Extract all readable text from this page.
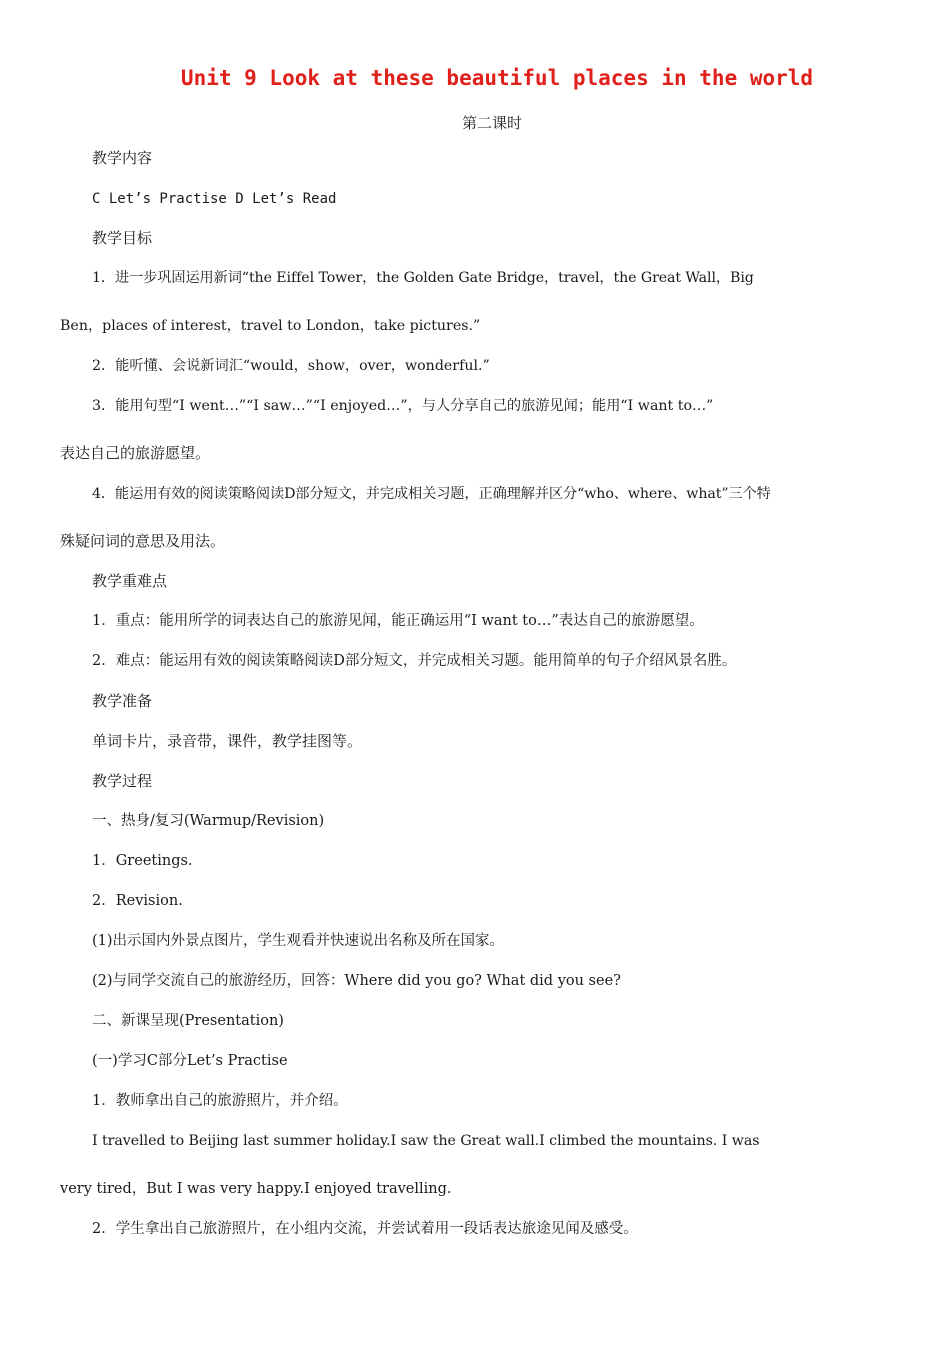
Unit 9 Look at these beautiful places in the world
第二课时
教学内容
C Let’s Practise D Let’s Read
教学目标
1．进一步巩固运用新词“the Eiffel Tower，the Golden Gate Bridge，travel，the Great Wall，Big
Ben，places of interest，travel to London，take pictures.”
2．能听懂、会说新词汇“would，show，over，wonderful.”
3．能用句型“I went…”“I saw…”“I enjoyed…”，与人分享自己的旅游见闻；能用“I want to…”
表达自己的旅游愿望。
4．能运用有效的阅读策略阅读D部分短文，并完成相关习题，正确理解并区分“who、where、what”三个特
殊疑问词的意思及用法。
教学重难点
1．重点：能用所学的词表达自己的旅游见闻，能正确运用“I want to…”表达自己的旅游愿望。
2．难点：能运用有效的阅读策略阅读D部分短文，并完成相关习题。能用简单的句子介绍风景名胜。
教学准备
单词卡片，录音带，课件，教学挂图等。
教学过程
一、热身/复习(Warmup/Revision)
1．Greetings.
2．Revision.
(1)出示国内外景点图片，学生观看并快速说出名称及所在国家。
(2)与同学交流自己的旅游经历，回答：Where did you go? What did you see?
二、新课呈现(Presentation)
(一)学习C部分Let’s Practise
1．教师拿出自己的旅游照片，并介绍。
I travelled to Beijing last summer holiday.I saw the Great wall.I climbed the mountains. I was
very tired，But I was very happy.I enjoyed travelling.
2．学生拿出自己旅游照片，在小组内交流，并尝试着用一段话表达旅途见闻及感受。
